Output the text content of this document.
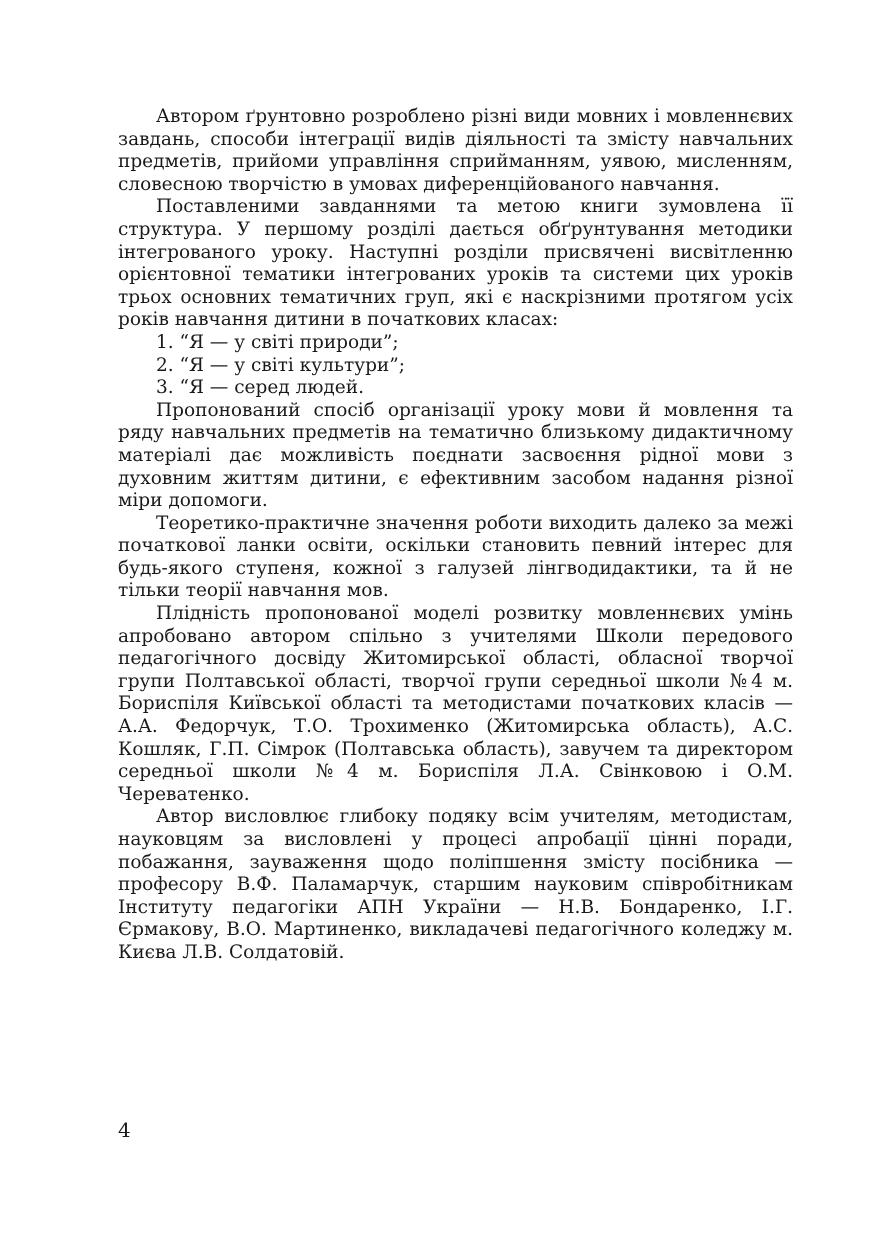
Автором ґрунтовно розроблено різні види мовних і мовленнєвих завдань, способи інтеграції видів діяльності та змісту навчальних предметів, прийоми управління сприйманням, уявою, мисленням, словесною творчістю в умовах диференційованого навчання.

Поставленими завданнями та метою книги зумовлена її структура. У першому розділі дається обґрунтування методики інтегрованого уроку. Наступні розділи присвячені висвітленню орієнтовної тематики інтегрованих уроків та системи цих уроків трьох основних тематичних груп, які є наскрізними протягом усіх років навчання дитини в початкових класах:

1. “Я — у світі природи”;
2. “Я — у світі культури”;
3. “Я — серед людей.

Пропонований спосіб організації уроку мови й мовлення та ряду навчальних предметів на тематично близькому дидактичному матеріалі дає можливість поєднати засвоєння рідної мови з духовним життям дитини, є ефективним засобом надання різної міри допомоги.

Теоретико-практичне значення роботи виходить далеко за межі початкової ланки освіти, оскільки становить певний інтерес для будь-якого ступеня, кожної з галузей лінгводидактики, та й не тільки теорії навчання мов.

Плідність пропонованої моделі розвитку мовленнєвих умінь апробовано автором спільно з учителями Школи передового педагогічного досвіду Житомирської області, обласної творчої групи Полтавської області, творчої групи середньої школи №4 м. Бориспіля Київської області та методистами початкових класів — А.А. Федорчук, Т.О. Трохименко (Житомирська область), А.С. Кошляк, Г.П. Сімрок (Полтавська область), завучем та директором середньої школи №4 м. Бориспіля Л.А. Свінковою і О.М. Череватенко.

Автор висловлює глибоку подяку всім учителям, методистам, науковцям за висловлені у процесі апробації цінні поради, побажання, зауваження щодо поліпшення змісту посібника — професору В.Ф. Паламарчук, старшим науковим співробітникам Інституту педагогіки АПН України — Н.В. Бондаренко, І.Г. Єрмакову, В.О. Мартиненко, викладачеві педагогічного коледжу м. Києва Л.В. Солдатовій.

4
